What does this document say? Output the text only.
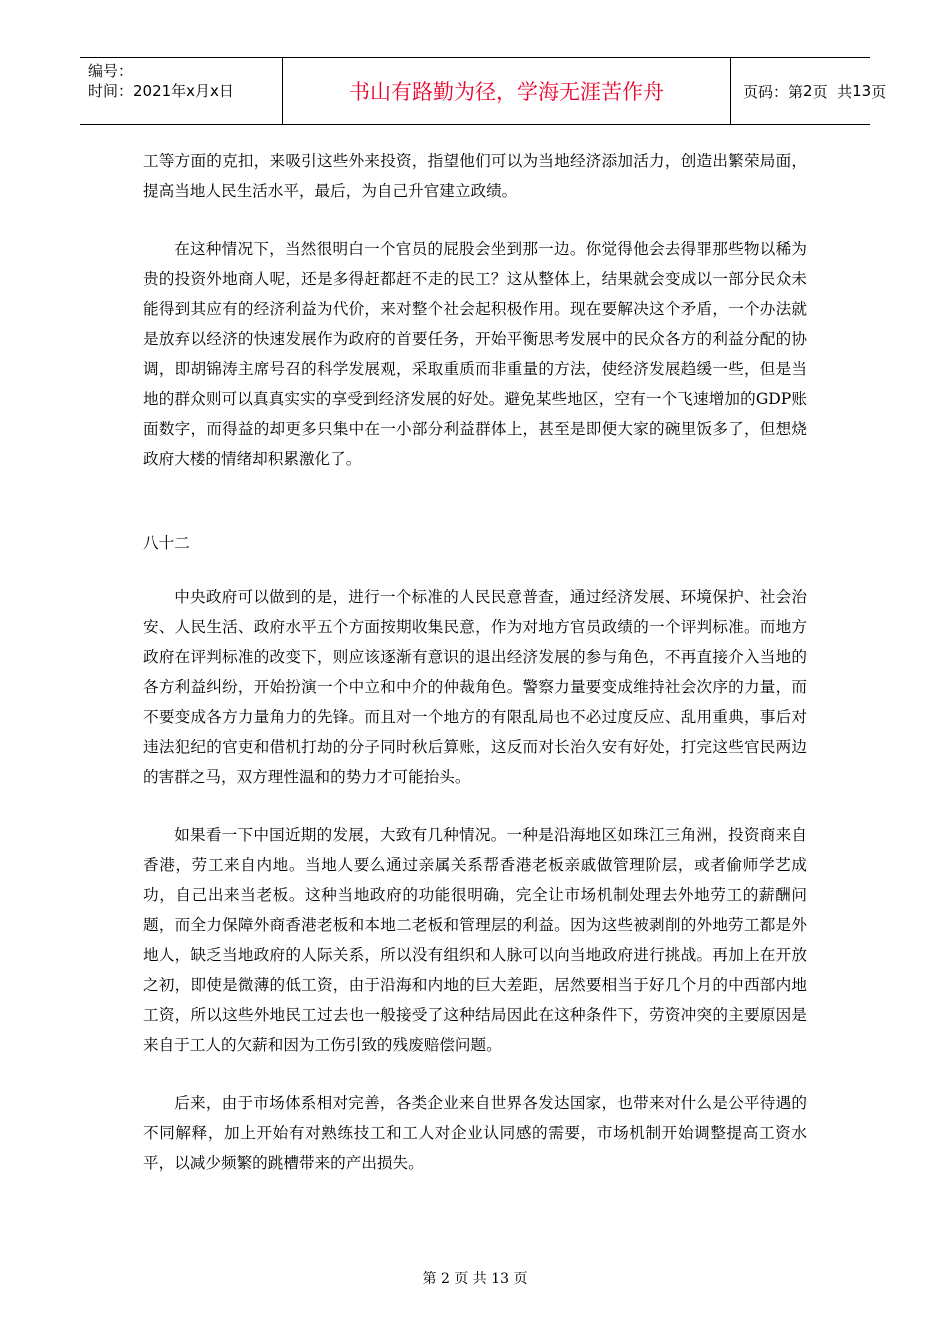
编号：
时间：2021年x月x日	书山有路勤为径，学海无涯苦作舟	页码：第 2 页  共 13 页

工等方面的克扣，来吸引这些外来投资，指望他们可以为当地经济添加活力，创造出繁荣局面，提高当地人民生活水平，最后，为自己升官建立政绩。

在这种情况下，当然很明白一个官员的屁股会坐到那一边。你觉得他会去得罪那些物以稀为贵的投资外地商人呢，还是多得赶都赶不走的民工？这从整体上，结果就会变成以一部分民众未能得到其应有的经济利益为代价，来对整个社会起积极作用。现在要解决这个矛盾，一个办法就是放弃以经济的快速发展作为政府的首要任务，开始平衡思考发展中的民众各方的利益分配的协调，即胡锦涛主席号召的科学发展观，采取重质而非重量的方法，使经济发展趋缓一些，但是当地的群众则可以真真实实的享受到经济发展的好处。避免某些地区，空有一个飞速增加的GDP账面数字，而得益的却更多只集中在一小部分利益群体上，甚至是即便大家的碗里饭多了，但想烧政府大楼的情绪却积累激化了。

八十二

中央政府可以做到的是，进行一个标准的人民民意普查，通过经济发展、环境保护、社会治安、人民生活、政府水平五个方面按期收集民意，作为对地方官员政绩的一个评判标准。而地方政府在评判标准的改变下，则应该逐渐有意识的退出经济发展的参与角色，不再直接介入当地的各方利益纠纷，开始扮演一个中立和中介的仲裁角色。警察力量要变成维持社会次序的力量，而不要变成各方力量角力的先锋。而且对一个地方的有限乱局也不必过度反应、乱用重典，事后对违法犯纪的官吏和借机打劫的分子同时秋后算账，这反而对长治久安有好处，打完这些官民两边的害群之马，双方理性温和的势力才可能抬头。

如果看一下中国近期的发展，大致有几种情况。一种是沿海地区如珠江三角洲，投资商来自香港，劳工来自内地。当地人要么通过亲属关系帮香港老板亲戚做管理阶层，或者偷师学艺成功，自己出来当老板。这种当地政府的功能很明确，完全让市场机制处理去外地劳工的薪酬问题，而全力保障外商香港老板和本地二老板和管理层的利益。因为这些被剥削的外地劳工都是外地人，缺乏当地政府的人际关系，所以没有组织和人脉可以向当地政府进行挑战。再加上在开放之初，即使是微薄的低工资，由于沿海和内地的巨大差距，居然要相当于好几个月的中西部内地工资，所以这些外地民工过去也一般接受了这种结局因此在这种条件下，劳资冲突的主要原因是来自于工人的欠薪和因为工伤引致的残废赔偿问题。

后来，由于市场体系相对完善，各类企业来自世界各发达国家，也带来对什么是公平待遇的不同解释，加上开始有对熟练技工和工人对企业认同感的需要，市场机制开始调整提高工资水平，以减少频繁的跳槽带来的产出损失。

第 2 页 共 13 页
